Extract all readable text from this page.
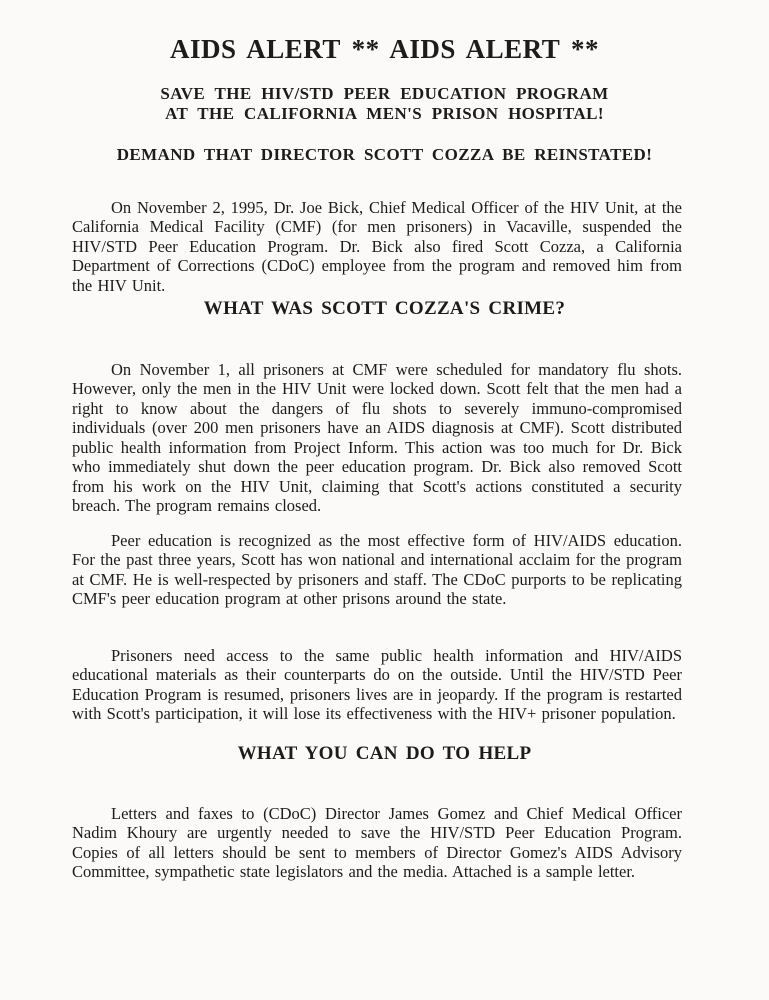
AIDS ALERT ** AIDS ALERT **
SAVE THE HIV/STD PEER EDUCATION PROGRAM
AT THE CALIFORNIA MEN'S PRISON HOSPITAL!
DEMAND THAT DIRECTOR SCOTT COZZA BE REINSTATED!

On November 2, 1995, Dr. Joe Bick, Chief Medical Officer of the HIV Unit, at the California Medical Facility (CMF) (for men prisoners) in Vacaville, suspended the HIV/STD Peer Education Program. Dr. Bick also fired Scott Cozza, a California Department of Corrections (CDoC) employee from the program and removed him from the HIV Unit.

WHAT WAS SCOTT COZZA'S CRIME?

On November 1, all prisoners at CMF were scheduled for mandatory flu shots. However, only the men in the HIV Unit were locked down. Scott felt that the men had a right to know about the dangers of flu shots to severely immuno-compromised individuals (over 200 men prisoners have an AIDS diagnosis at CMF). Scott distributed public health information from Project Inform. This action was too much for Dr. Bick who immediately shut down the peer education program. Dr. Bick also removed Scott from his work on the HIV Unit, claiming that Scott's actions constituted a security breach. The program remains closed.

Peer education is recognized as the most effective form of HIV/AIDS education. For the past three years, Scott has won national and international acclaim for the program at CMF. He is well-respected by prisoners and staff. The CDoC purports to be replicating CMF's peer education program at other prisons around the state.

Prisoners need access to the same public health information and HIV/AIDS educational materials as their counterparts do on the outside. Until the HIV/STD Peer Education Program is resumed, prisoners lives are in jeopardy. If the program is restarted with Scott's participation, it will lose its effectiveness with the HIV+ prisoner population.

WHAT YOU CAN DO TO HELP

Letters and faxes to (CDoC) Director James Gomez and Chief Medical Officer Nadim Khoury are urgently needed to save the HIV/STD Peer Education Program. Copies of all letters should be sent to members of Director Gomez's AIDS Advisory Committee, sympathetic state legislators and the media. Attached is a sample letter.
